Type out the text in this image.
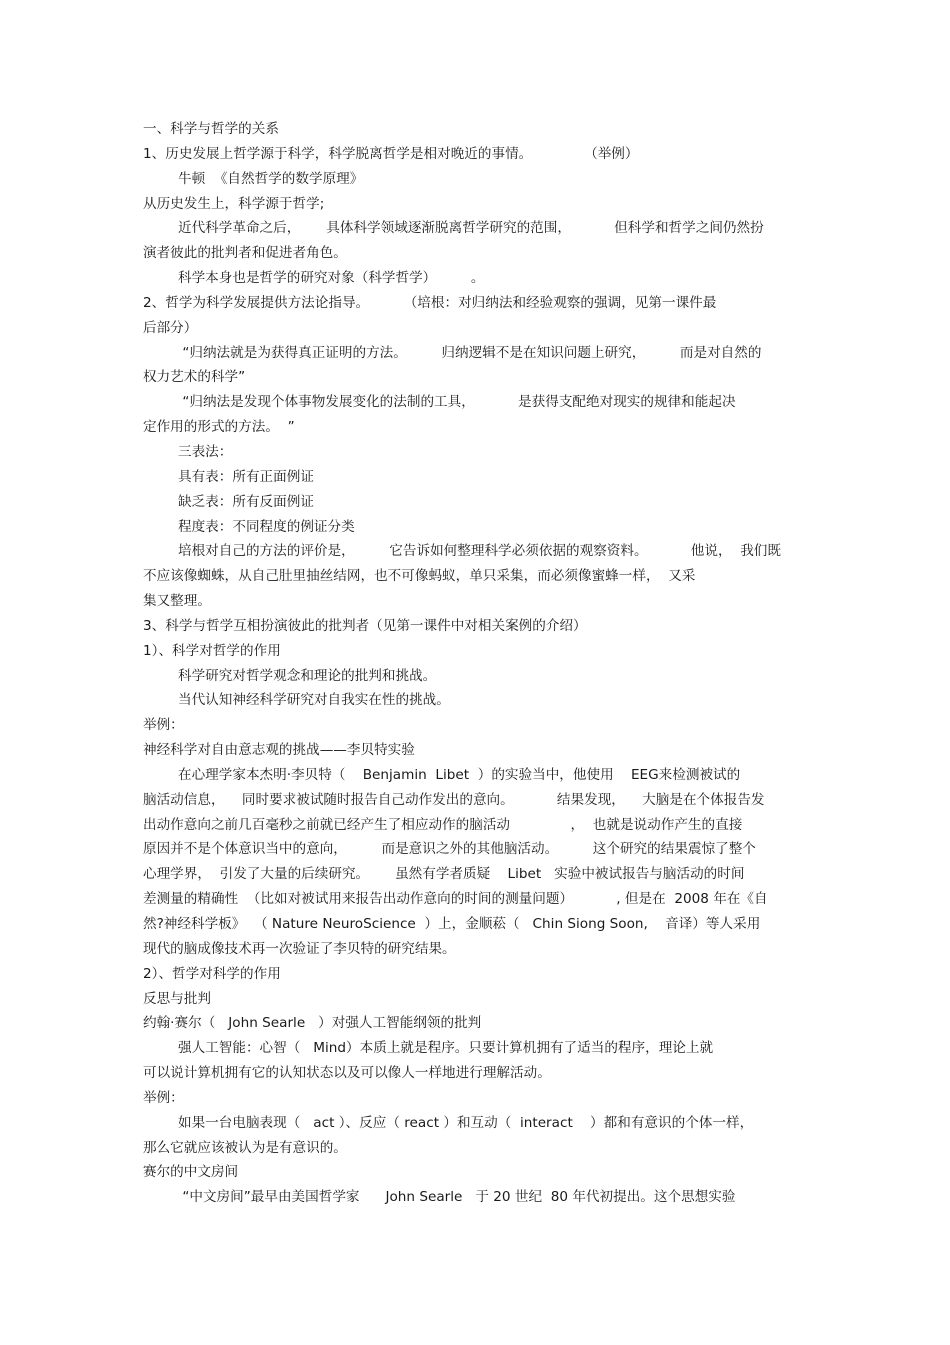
一、科学与哲学的关系
1、历史发展上哲学源于科学，科学脱离哲学是相对晚近的事情。            （举例）
牛顿  《自然哲学的数学原理》
从历史发生上，科学源于哲学;
近代科学革命之后，      具体科学领域逐渐脱离哲学研究的范围，          但科学和哲学之间仍然扮
演者彼此的批判者和促进者角色。
科学本身也是哲学的研究对象（科学哲学）        。
2、哲学为科学发展提供方法论指导。        （培根：对归纳法和经验观察的强调，见第一课件最
后部分）
“归纳法就是为获得真正证明的方法。        归纳逻辑不是在知识问题上研究，        而是对自然的
权力艺术的科学”
“归纳法是发现个体事物发展变化的法制的工具，          是获得支配绝对现实的规律和能起决
定作用的形式的方法。  ”
三表法：
具有表：所有正面例证
缺乏表：所有反面例证
程度表：不同程度的例证分类
培根对自己的方法的评价是，        它告诉如何整理科学必须依据的观察资料。          他说，  我们既
不应该像蜘蛛，从自己肚里抽丝结网，也不可像蚂蚁，单只采集，而必须像蜜蜂一样，  又采
集又整理。
3、科学与哲学互相扮演彼此的批判者（见第一课件中对相关案例的介绍）
1）、科学对哲学的作用
科学研究对哲学观念和理论的批判和挑战。
当代认知神经科学研究对自我实在性的挑战。
举例：
神经科学对自由意志观的挑战——李贝特实验
在心理学家本杰明·李贝特（    Benjamin  Libet  ）的实验当中，他使用    EEG来检测被试的
脑活动信息，    同时要求被试随时报告自己动作发出的意向。          结果发现，    大脑是在个体报告发
出动作意向之前几百毫秒之前就已经产生了相应动作的脑活动              ，  也就是说动作产生的直接
原因并不是个体意识当中的意向，        而是意识之外的其他脑活动。        这个研究的结果震惊了整个
心理学界，  引发了大量的后续研究。      虽然有学者质疑    Libet   实验中被试报告与脑活动的时间
差测量的精确性  （比如对被试用来报告出动作意向的时间的测量问题）          , 但是在  2008 年在《自
然?神经科学板》  （ Nature NeuroScience  ）上，金顺菘（   Chin Siong Soon,    音译）等人采用
现代的脑成像技术再一次验证了李贝特的研究结果。
2）、哲学对科学的作用
反思与批判
约翰·赛尔（   John Searle   ）对强人工智能纲领的批判
强人工智能：心智（   Mind）本质上就是程序。只要计算机拥有了适当的程序，理论上就
可以说计算机拥有它的认知状态以及可以像人一样地进行理解活动。
举例：
如果一台电脑表现（   act ）、反应（ react ）和互动（  interact    ）都和有意识的个体一样，
那么它就应该被认为是有意识的。
赛尔的中文房间
“中文房间”最早由美国哲学家      John Searle   于 20 世纪  80 年代初提出。这个思想实验
